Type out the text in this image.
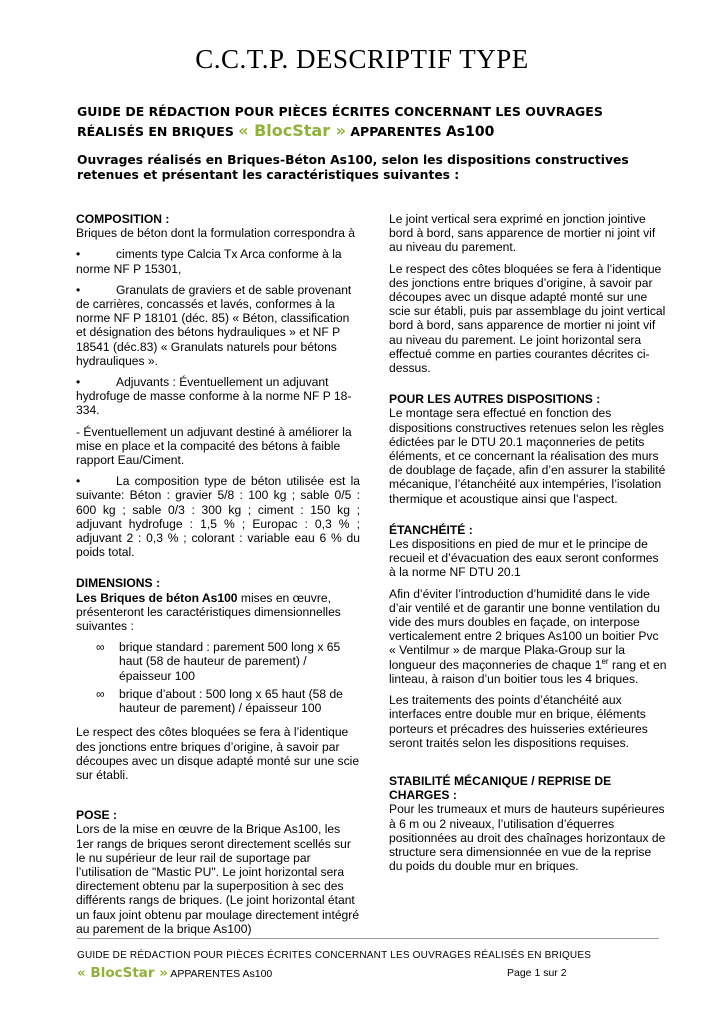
C.C.T.P. DESCRIPTIF TYPE
GUIDE DE RÉDACTION POUR PIÈCES ÉCRITES CONCERNANT LES OUVRAGES
RÉALISÉS EN BRIQUES « BlocStar » APPARENTES As100
Ouvrages réalisés en Briques-Béton As100, selon les dispositions constructives retenues et présentant les caractéristiques suivantes :
COMPOSITION :

Briques de béton dont la formulation correspondra à

•	ciments type Calcia Tx Arca conforme à la

norme NF P 15301,

•	Granulats de graviers et de sable provenant

de carrières, concassés et lavés, conformes à la norme NF P 18101 (déc. 85) « Béton, classification et désignation des bétons hydrauliques » et NF P 18541 (déc.83) « Granulats naturels pour bétons hydrauliques ».

•	Adjuvants : Éventuellement un adjuvant

hydrofuge de masse conforme à la norme NF P 18-334.

- Éventuellement un adjuvant destiné à améliorer la mise en place et la compacité des bétons à faible rapport Eau/Ciment.

•	La composition type de béton utilisée est la

suivante: Béton : gravier 5/8 : 100 kg ; sable 0/5 : 600 kg ; sable 0/3 : 300 kg ; ciment : 150 kg ; adjuvant hydrofuge : 1,5 % ; Europac : 0,3 % ; adjuvant 2 : 0,3 % ; colorant : variable eau 6 % du poids total.

DIMENSIONS :

Les Briques de béton As100 mises en œuvre, présenteront les caractéristiques dimensionnelles suivantes :

∞	brique standard : parement 500 long x 65 haut (58 de hauteur de parement) / épaisseur 100
∞	brique d’about : 500 long x 65 haut (58 de hauteur de parement) / épaisseur 100

Le respect des côtes bloquées se fera à l’identique des jonctions entre briques d’origine, à savoir par découpes avec un disque adapté monté sur une scie sur établi.

POSE :

Lors de la mise en œuvre de la Brique As100, les 1er rangs de briques seront directement scellés sur le nu supérieur de leur rail de suportage par l’utilisation de "Mastic PU". Le joint horizontal sera directement obtenu par la superposition à sec des différents rangs de briques. (Le joint horizontal étant un faux joint obtenu par moulage directement intégré au parement de la brique As100)

Le joint vertical sera exprimé en jonction jointive bord à bord, sans apparence de mortier ni joint vif au niveau du parement.

Le respect des côtes bloquées se fera à l’identique des jonctions entre briques d’origine, à savoir par découpes avec un disque adapté monté sur une scie sur établi, puis par assemblage du joint vertical bord à bord, sans apparence de mortier ni joint vif au niveau du parement. Le joint horizontal sera effectué comme en parties courantes décrites ci-dessus.

POUR LES AUTRES DISPOSITIONS :

Le montage sera effectué en fonction des dispositions constructives retenues selon les règles édictées par le DTU 20.1 maçonneries de petits éléments, et ce concernant la réalisation des murs de doublage de façade, afin d’en assurer la stabilité mécanique, l’étanchéité aux intempéries, l’isolation thermique et acoustique ainsi que l’aspect.

ÉTANCHÉITÉ :

Les dispositions en pied de mur et le principe de recueil et d’évacuation des eaux seront conformes à la norme NF DTU 20.1

Afin d’éviter l’introduction d’humidité dans le vide d’air ventilé et de garantir une bonne ventilation du vide des murs doubles en façade, on interpose verticalement entre 2 briques As100 un boitier Pvc « Ventilmur » de marque Plaka-Group sur la longueur des maçonneries de chaque 1er rang et en linteau, à raison d’un boitier tous les 4 briques.

Les traitements des points d’étanchéité aux interfaces entre double mur en brique, éléments porteurs et précadres des huisseries extérieures seront traités selon les dispositions requises.

STABILITÉ MÉCANIQUE / REPRISE DE CHARGES :

Pour les trumeaux et murs de hauteurs supérieures à 6 m ou 2 niveaux, l’utilisation d’équerres positionnées au droit des chaînages horizontaux de structure sera dimensionnée en vue de la reprise du poids du double mur en briques.

GUIDE DE RÉDACTION POUR PIÈCES ÉCRITES CONCERNANT LES OUVRAGES RÉALISÉS EN BRIQUES
« BlocStar » APPARENTES As100	Page 1 sur 2
